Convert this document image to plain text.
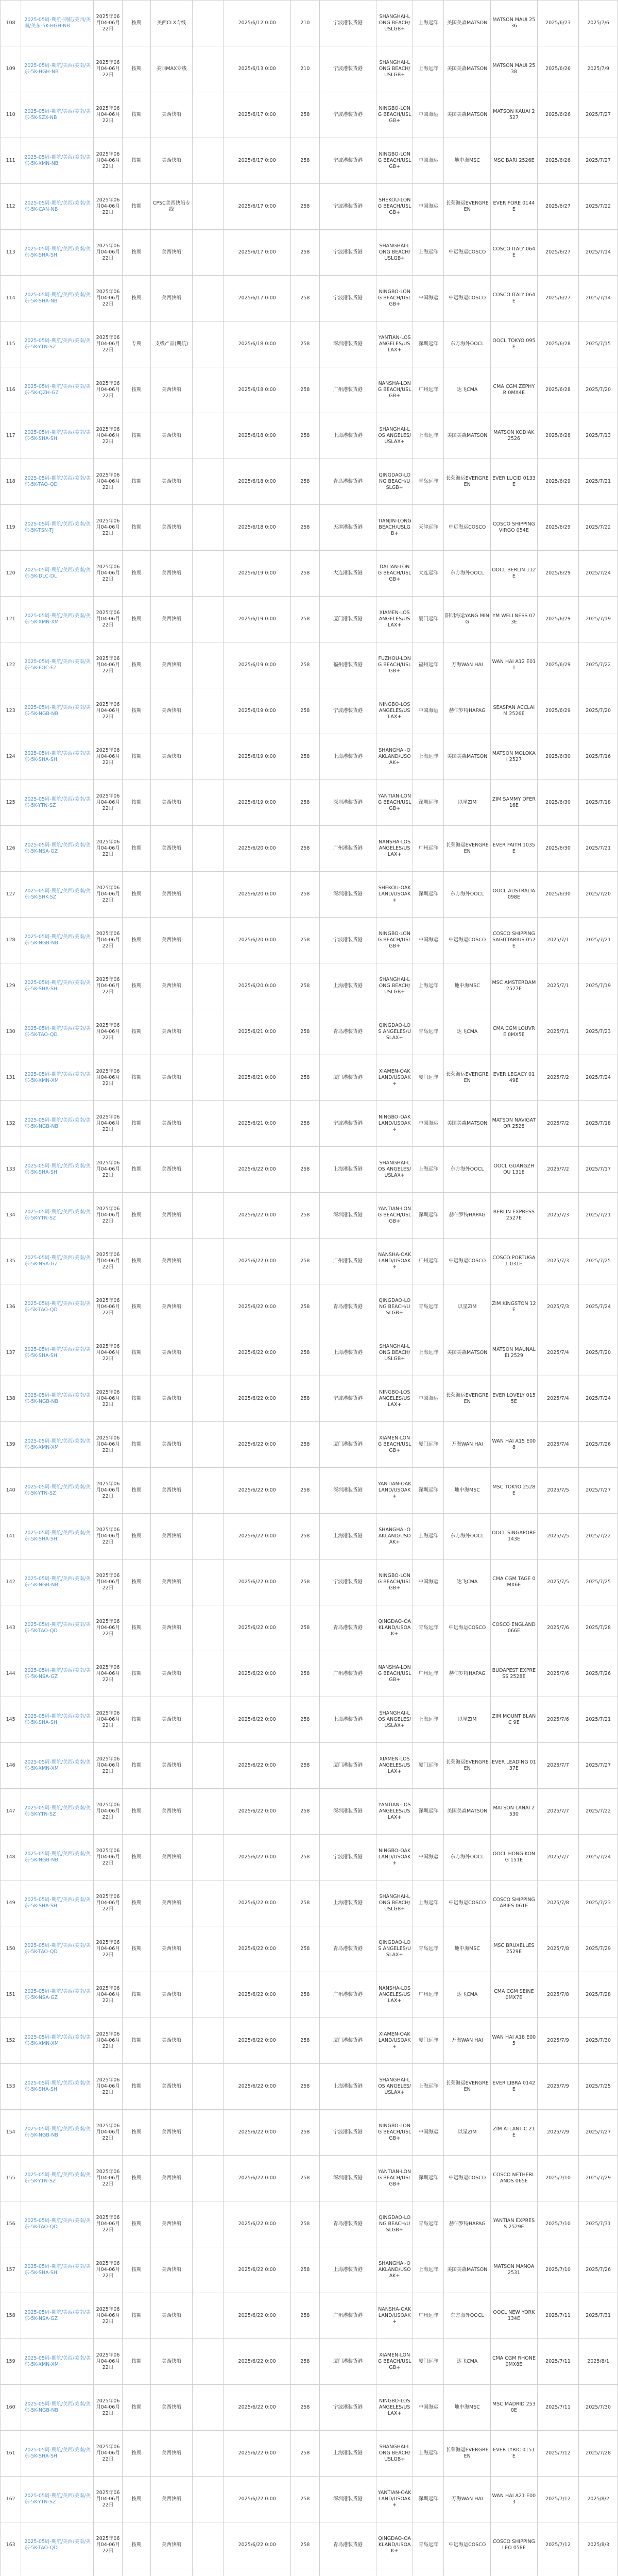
108	2025-05周-期航-期航/美西/美南/美东-5K-HGH-NB	2025年06月04-06月22日	按期	美西CLX专线		2025/6/12 0:00	210	宁波港装货港	SHANGHAI-LONG BEACH/USLGB+	上海远洋	美国美森MATSON	MATSON MAUI 2536	2025/6/23	2025/7/6
109	2025-05周-期航/美西/美南/美东-5K-HGH-NB	2025年06月04-06月22日	按期	美西MAX专线		2025/6/13 0:00	210	宁波港装货港	SHANGHAI-LONG BEACH/USLGB+	上海远洋	美国美森MATSON	MATSON MAUI 2538	2025/6/26	2025/7/9
110	2025-05周-期航/美西/美南/美东-5K-SZX-NB	2025年06月04-06月22日	按期	美西快船		2025/6/17 0:00	258	宁波港装货港	NINGBO-LONG BEACH/USLGB+	中国海运	美国美森MATSON	MATSON KAUAI 2527	2025/6/26	2025/7/27
111	2025-05周-期航/美西/美南/美东-5K-XMN-NB	2025年06月04-06月22日	按期	美西快船		2025/6/17 0:00	258	宁波港装货港	NINGBO-LONG BEACH/USLGB+	中国海运	地中海MSC	MSC BARI 2526E	2025/6/26	2025/7/27
112	2025-05周-期航/美西/美南/美东-5K-CAN-NB	2025年06月04-06月22日	按期	CPSC美西快船专线		2025/6/17 0:00	258	宁波港装货港	SHEKOU-LONG BEACH/USLGB+	中国海运	长荣海运EVERGREEN	EVER FORE 0144E	2025/6/27	2025/7/22
113	2025-05周-期航/美西/美南/美东-5K-SHA-SH	2025年06月04-06月22日	按期	美西快船		2025/6/17 0:00	258	宁波港装货港	SHANGHAI-LONG BEACH/USLGB+	上海远洋	中远海运COSCO	COSCO ITALY 064E	2025/6/27	2025/7/14
114	2025-05周-期航/美西/美南/美东-5K-SHA-NB	2025年06月04-06月22日	按期	美西快船		2025/6/17 0:00	258	宁波港装货港	NINGBO-LONG BEACH/USLGB+	中国海运	中远海运COSCO	COSCO ITALY 064E	2025/6/27	2025/7/14
115	2025-05周-期航/美西/美南/美东-5K-YTN-SZ	2025年06月04-06月22日	专期	支线产品(期航)		2025/6/18 0:00	258	深圳港装货港	YANTIAN-LOS ANGELES/USLAX+	深圳远洋	东方海外OOCL	OOCL TOKYO 095E	2025/6/28	2025/7/15
116	2025-05周-期航/美西/美南/美东-5K-QZH-GZ	2025年06月04-06月22日	按期	美西快船		2025/6/18 0:00	258	广州港装货港	NANSHA-LONG BEACH/USLGB+	广州远洋	达飞CMA	CMA CGM ZEPHYR 0MX4E	2025/6/28	2025/7/20
117	2025-05周-期航/美西/美南/美东-5K-SHA-SH	2025年06月04-06月22日	按期	美西快船		2025/6/18 0:00	258	上海港装货港	SHANGHAI-LOS ANGELES/USLAX+	上海远洋	美国美森MATSON	MATSON KODIAK 2526	2025/6/28	2025/7/13
118	2025-05周-期航/美西/美南/美东-5K-TAO-QD	2025年06月04-06月22日	按期	美西快船		2025/6/18 0:00	258	青岛港装货港	QINGDAO-LONG BEACH/USLGB+	青岛远洋	长荣海运EVERGREEN	EVER LUCID 0133E	2025/6/29	2025/7/21
119	2025-05周-期航/美西/美南/美东-5K-TSN-TJ	2025年06月04-06月22日	按期	美西快船		2025/6/18 0:00	258	天津港装货港	TIANJIN-LONG BEACH/USLGB+	天津远洋	中远海运COSCO	COSCO SHIPPING VIRGO 054E	2025/6/29	2025/7/22
120	2025-05周-期航/美西/美南/美东-5K-DLC-DL	2025年06月04-06月22日	按期	美西快船		2025/6/19 0:00	258	大连港装货港	DALIAN-LONG BEACH/USLGB+	大连远洋	东方海外OOCL	OOCL BERLIN 112E	2025/6/29	2025/7/24
121	2025-05周-期航/美西/美南/美东-5K-XMN-XM	2025年06月04-06月22日	按期	美西快船		2025/6/19 0:00	258	厦门港装货港	XIAMEN-LOS ANGELES/USLAX+	厦门远洋	阳明海运YANG MING	YM WELLNESS 073E	2025/6/29	2025/7/19
122	2025-05周-期航/美西/美南/美东-5K-FOC-FZ	2025年06月04-06月22日	按期	美西快船		2025/6/19 0:00	258	福州港装货港	FUZHOU-LONG BEACH/USLGB+	福州远洋	万海WAN HAI	WAN HAI A12 E011	2025/6/29	2025/7/22
123	2025-05周-期航/美西/美南/美东-5K-NGB-NB	2025年06月04-06月22日	按期	美西快船		2025/6/19 0:00	258	宁波港装货港	NINGBO-LOS ANGELES/USLAX+	中国海运	赫伯罗特HAPAG	SEASPAN ACCLAIM 2526E	2025/6/29	2025/7/20
124	2025-05周-期航/美西/美南/美东-5K-SHA-SH	2025年06月04-06月22日	按期	美西快船		2025/6/19 0:00	258	上海港装货港	SHANGHAI-OAKLAND/USOAK+	上海远洋	美国美森MATSON	MATSON MOLOKAI 2527	2025/6/30	2025/7/16
125	2025-05周-期航/美西/美南/美东-5K-YTN-SZ	2025年06月04-06月22日	按期	美西快船		2025/6/19 0:00	258	深圳港装货港	YANTIAN-LONG BEACH/USLGB+	深圳远洋	以星ZIM	ZIM SAMMY OFER 16E	2025/6/30	2025/7/18
126	2025-05周-期航/美西/美南/美东-5K-NSA-GZ	2025年06月04-06月22日	按期	美西快船		2025/6/20 0:00	258	广州港装货港	NANSHA-LOS ANGELES/USLAX+	广州远洋	长荣海运EVERGREEN	EVER FAITH 1035E	2025/6/30	2025/7/21
127	2025-05周-期航/美西/美南/美东-5K-SHK-SZ	2025年06月04-06月22日	按期	美西快船		2025/6/20 0:00	258	深圳港装货港	SHEKOU-OAKLAND/USOAK+	深圳远洋	东方海外OOCL	OOCL AUSTRALIA 098E	2025/6/30	2025/7/20
128	2025-05周-期航/美西/美南/美东-5K-NGB-NB	2025年06月04-06月22日	按期	美西快船		2025/6/20 0:00	258	宁波港装货港	NINGBO-LONG BEACH/USLGB+	中国海运	中远海运COSCO	COSCO SHIPPING SAGITTARIUS 052E	2025/7/1	2025/7/21
129	2025-05周-期航/美西/美南/美东-5K-SHA-SH	2025年06月04-06月22日	按期	美西快船		2025/6/20 0:00	258	上海港装货港	SHANGHAI-LONG BEACH/USLGB+	上海远洋	地中海MSC	MSC AMSTERDAM 2527E	2025/7/1	2025/7/19
130	2025-05周-期航/美西/美南/美东-5K-TAO-QD	2025年06月04-06月22日	按期	美西快船		2025/6/21 0:00	258	青岛港装货港	QINGDAO-LOS ANGELES/USLAX+	青岛远洋	达飞CMA	CMA CGM LOUVRE 0MX5E	2025/7/1	2025/7/23
131	2025-05周-期航/美西/美南/美东-5K-XMN-XM	2025年06月04-06月22日	按期	美西快船		2025/6/21 0:00	258	厦门港装货港	XIAMEN-OAKLAND/USOAK+	厦门远洋	长荣海运EVERGREEN	EVER LEGACY 0149E	2025/7/2	2025/7/24
132	2025-05周-期航/美西/美南/美东-5K-NGB-NB	2025年06月04-06月22日	按期	美西快船		2025/6/21 0:00	258	宁波港装货港	NINGBO-OAKLAND/USOAK+	中国海运	美国美森MATSON	MATSON NAVIGATOR 2528	2025/7/2	2025/7/18
133	2025-05周-期航/美西/美南/美东-5K-SHA-SH	2025年06月04-06月22日	按期	美西快船		2025/6/22 0:00	258	上海港装货港	SHANGHAI-LOS ANGELES/USLAX+	上海远洋	东方海外OOCL	OOCL GUANGZHOU 131E	2025/7/2	2025/7/17
134	2025-05周-期航/美西/美南/美东-5K-YTN-SZ	2025年06月04-06月22日	按期	美西快船		2025/6/22 0:00	258	深圳港装货港	YANTIAN-LONG BEACH/USLGB+	深圳远洋	赫伯罗特HAPAG	BERLIN EXPRESS 2527E	2025/7/3	2025/7/21
135	2025-05周-期航/美西/美南/美东-5K-NSA-GZ	2025年06月04-06月22日	按期	美西快船		2025/6/22 0:00	258	广州港装货港	NANSHA-OAKLAND/USOAK+	广州远洋	中远海运COSCO	COSCO PORTUGAL 031E	2025/7/3	2025/7/25
136	2025-05周-期航/美西/美南/美东-5K-TAO-QD	2025年06月04-06月22日	按期	美西快船		2025/6/22 0:00	258	青岛港装货港	QINGDAO-LONG BEACH/USLGB+	青岛远洋	以星ZIM	ZIM KINGSTON 12E	2025/7/3	2025/7/24
137	2025-05周-期航/美西/美南/美东-5K-SHA-SH	2025年06月04-06月22日	按期	美西快船		2025/6/22 0:00	258	上海港装货港	SHANGHAI-LONG BEACH/USLGB+	上海远洋	美国美森MATSON	MATSON MAUNALEI 2529	2025/7/4	2025/7/20
138	2025-05周-期航/美西/美南/美东-5K-NGB-NB	2025年06月04-06月22日	按期	美西快船		2025/6/22 0:00	258	宁波港装货港	NINGBO-LOS ANGELES/USLAX+	中国海运	长荣海运EVERGREEN	EVER LOVELY 0155E	2025/7/4	2025/7/24
139	2025-05周-期航/美西/美南/美东-5K-XMN-XM	2025年06月04-06月22日	按期	美西快船		2025/6/22 0:00	258	厦门港装货港	XIAMEN-LONG BEACH/USLGB+	厦门远洋	万海WAN HAI	WAN HAI A15 E008	2025/7/4	2025/7/26
140	2025-05周-期航/美西/美南/美东-5K-YTN-SZ	2025年06月04-06月22日	按期	美西快船		2025/6/22 0:00	258	深圳港装货港	YANTIAN-OAKLAND/USOAK+	深圳远洋	地中海MSC	MSC TOKYO 2528E	2025/7/5	2025/7/27
141	2025-05周-期航/美西/美南/美东-5K-SHA-SH	2025年06月04-06月22日	按期	美西快船		2025/6/22 0:00	258	上海港装货港	SHANGHAI-OAKLAND/USOAK+	上海远洋	东方海外OOCL	OOCL SINGAPORE 143E	2025/7/5	2025/7/22
142	2025-05周-期航/美西/美南/美东-5K-NGB-NB	2025年06月04-06月22日	按期	美西快船		2025/6/22 0:00	258	宁波港装货港	NINGBO-LONG BEACH/USLGB+	中国海运	达飞CMA	CMA CGM TAGE 0MX6E	2025/7/5	2025/7/25
143	2025-05周-期航/美西/美南/美东-5K-TAO-QD	2025年06月04-06月22日	按期	美西快船		2025/6/22 0:00	258	青岛港装货港	QINGDAO-OAKLAND/USOAK+	青岛远洋	中远海运COSCO	COSCO ENGLAND 066E	2025/7/6	2025/7/28
144	2025-05周-期航/美西/美南/美东-5K-NSA-GZ	2025年06月04-06月22日	按期	美西快船		2025/6/22 0:00	258	广州港装货港	NANSHA-LONG BEACH/USLGB+	广州远洋	赫伯罗特HAPAG	BUDAPEST EXPRESS 2528E	2025/7/6	2025/7/26
145	2025-05周-期航/美西/美南/美东-5K-SHA-SH	2025年06月04-06月22日	按期	美西快船		2025/6/22 0:00	258	上海港装货港	SHANGHAI-LOS ANGELES/USLAX+	上海远洋	以星ZIM	ZIM MOUNT BLANC 9E	2025/7/6	2025/7/21
146	2025-05周-期航/美西/美南/美东-5K-XMN-XM	2025年06月04-06月22日	按期	美西快船		2025/6/22 0:00	258	厦门港装货港	XIAMEN-LOS ANGELES/USLAX+	厦门远洋	长荣海运EVERGREEN	EVER LEADING 0137E	2025/7/7	2025/7/27
147	2025-05周-期航/美西/美南/美东-5K-YTN-SZ	2025年06月04-06月22日	按期	美西快船		2025/6/22 0:00	258	深圳港装货港	YANTIAN-LOS ANGELES/USLAX+	深圳远洋	美国美森MATSON	MATSON LANAI 2530	2025/7/7	2025/7/22
148	2025-05周-期航/美西/美南/美东-5K-NGB-NB	2025年06月04-06月22日	按期	美西快船		2025/6/22 0:00	258	宁波港装货港	NINGBO-OAKLAND/USOAK+	中国海运	东方海外OOCL	OOCL HONG KONG 151E	2025/7/7	2025/7/24
149	2025-05周-期航/美西/美南/美东-5K-SHA-SH	2025年06月04-06月22日	按期	美西快船		2025/6/22 0:00	258	上海港装货港	SHANGHAI-LONG BEACH/USLGB+	上海远洋	中远海运COSCO	COSCO SHIPPING ARIES 061E	2025/7/8	2025/7/23
150	2025-05周-期航/美西/美南/美东-5K-TAO-QD	2025年06月04-06月22日	按期	美西快船		2025/6/22 0:00	258	青岛港装货港	QINGDAO-LOS ANGELES/USLAX+	青岛远洋	地中海MSC	MSC BRUXELLES 2529E	2025/7/8	2025/7/29
151	2025-05周-期航/美西/美南/美东-5K-NSA-GZ	2025年06月04-06月22日	按期	美西快船		2025/6/22 0:00	258	广州港装货港	NANSHA-LOS ANGELES/USLAX+	广州远洋	达飞CMA	CMA CGM SEINE 0MX7E	2025/7/8	2025/7/28
152	2025-05周-期航/美西/美南/美东-5K-XMN-XM	2025年06月04-06月22日	按期	美西快船		2025/6/22 0:00	258	厦门港装货港	XIAMEN-OAKLAND/USOAK+	厦门远洋	万海WAN HAI	WAN HAI A18 E005	2025/7/9	2025/7/30
153	2025-05周-期航/美西/美南/美东-5K-SHA-SH	2025年06月04-06月22日	按期	美西快船		2025/6/22 0:00	258	上海港装货港	SHANGHAI-LOS ANGELES/USLAX+	上海远洋	长荣海运EVERGREEN	EVER LIBRA 0142E	2025/7/9	2025/7/25
154	2025-05周-期航/美西/美南/美东-5K-NGB-NB	2025年06月04-06月22日	按期	美西快船		2025/6/22 0:00	258	宁波港装货港	NINGBO-LONG BEACH/USLGB+	中国海运	以星ZIM	ZIM ATLANTIC 21E	2025/7/9	2025/7/27
155	2025-05周-期航/美西/美南/美东-5K-YTN-SZ	2025年06月04-06月22日	按期	美西快船		2025/6/22 0:00	258	深圳港装货港	YANTIAN-LONG BEACH/USLGB+	深圳远洋	中远海运COSCO	COSCO NETHERLANDS 065E	2025/7/10	2025/7/29
156	2025-05周-期航/美西/美南/美东-5K-TAO-QD	2025年06月04-06月22日	按期	美西快船		2025/6/22 0:00	258	青岛港装货港	QINGDAO-LONG BEACH/USLGB+	青岛远洋	赫伯罗特HAPAG	YANTIAN EXPRESS 2529E	2025/7/10	2025/7/31
157	2025-05周-期航/美西/美南/美东-5K-SHA-SH	2025年06月04-06月22日	按期	美西快船		2025/6/22 0:00	258	上海港装货港	SHANGHAI-OAKLAND/USOAK+	上海远洋	美国美森MATSON	MATSON MANOA 2531	2025/7/10	2025/7/26
158	2025-05周-期航/美西/美南/美东-5K-NSA-GZ	2025年06月04-06月22日	按期	美西快船		2025/6/22 0:00	258	广州港装货港	NANSHA-OAKLAND/USOAK+	广州远洋	东方海外OOCL	OOCL NEW YORK 134E	2025/7/11	2025/7/31
159	2025-05周-期航/美西/美南/美东-5K-XMN-XM	2025年06月04-06月22日	按期	美西快船		2025/6/22 0:00	258	厦门港装货港	XIAMEN-LONG BEACH/USLGB+	厦门远洋	达飞CMA	CMA CGM RHONE 0MX8E	2025/7/11	2025/8/1
160	2025-05周-期航/美西/美南/美东-5K-NGB-NB	2025年06月04-06月22日	按期	美西快船		2025/6/22 0:00	258	宁波港装货港	NINGBO-LOS ANGELES/USLAX+	中国海运	地中海MSC	MSC MADRID 2530E	2025/7/11	2025/7/30
161	2025-05周-期航/美西/美南/美东-5K-SHA-SH	2025年06月04-06月22日	按期	美西快船		2025/6/22 0:00	258	上海港装货港	SHANGHAI-LONG BEACH/USLGB+	上海远洋	长荣海运EVERGREEN	EVER LYRIC 0151E	2025/7/12	2025/7/28
162	2025-05周-期航/美西/美南/美东-5K-YTN-SZ	2025年06月04-06月22日	按期	美西快船		2025/6/22 0:00	258	深圳港装货港	YANTIAN-OAKLAND/USOAK+	深圳远洋	万海WAN HAI	WAN HAI A21 E003	2025/7/12	2025/8/2
163	2025-05周-期航/美西/美南/美东-5K-TAO-QD	2025年06月04-06月22日	按期	美西快船		2025/6/22 0:00	258	青岛港装货港	QINGDAO-OAKLAND/USOAK+	青岛远洋	中远海运COSCO	COSCO SHIPPING LEO 058E	2025/7/12	2025/8/3
